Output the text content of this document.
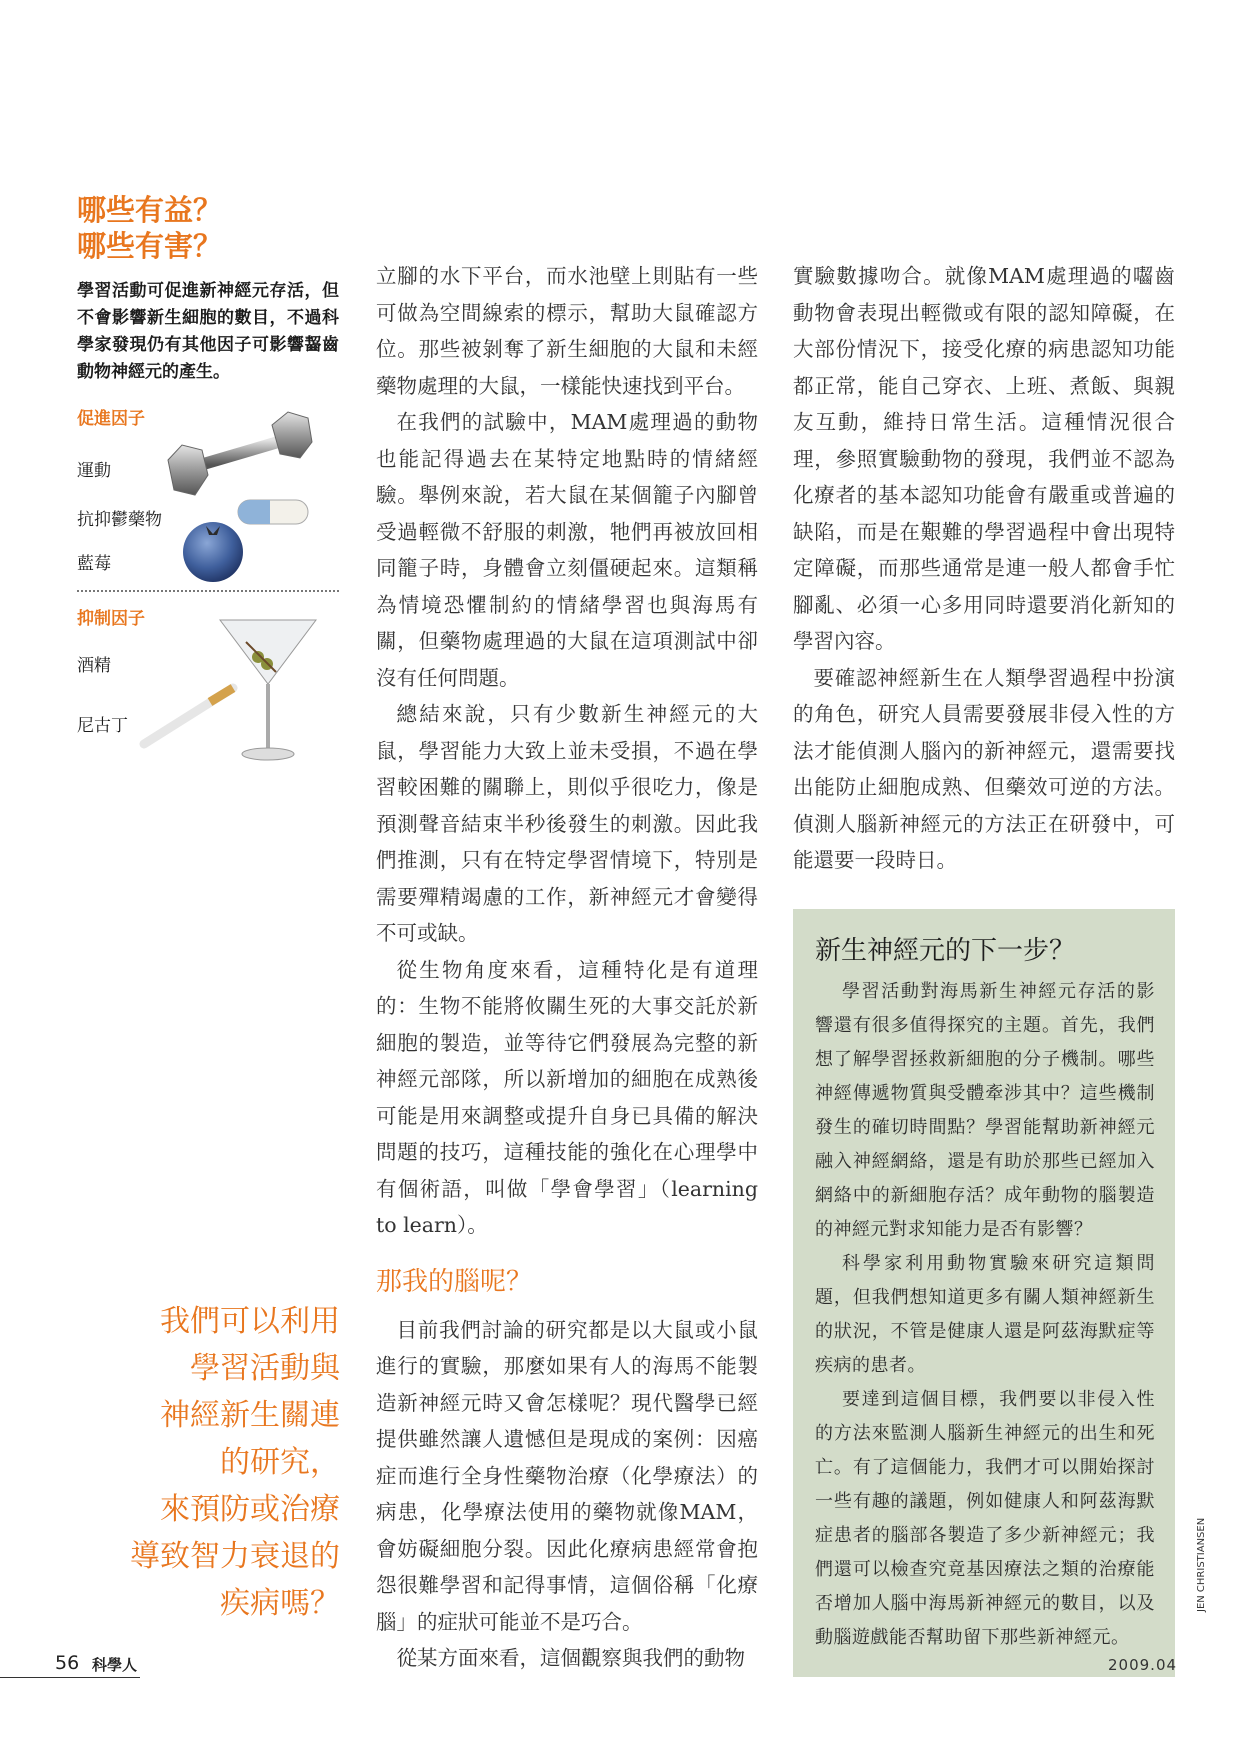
哪些有益？
哪些有害？
學習活動可促進新神經元存活，但不會影響新生細胞的數目，不過科學家發現仍有其他因子可影響齧齒動物神經元的產生。
促進因子
運動
抗抑鬱藥物
藍莓
抑制因子
酒精
尼古丁

立腳的水下平台，而水池壁上則貼有一些可做為空間線索的標示，幫助大鼠確認方位。那些被剝奪了新生細胞的大鼠和未經藥物處理的大鼠，一樣能快速找到平台。

在我們的試驗中，MAM處理過的動物也能記得過去在某特定地點時的情緒經驗。舉例來說，若大鼠在某個籠子內腳曾受過輕微不舒服的刺激，牠們再被放回相同籠子時，身體會立刻僵硬起來。這類稱為情境恐懼制約的情緒學習也與海馬有關，但藥物處理過的大鼠在這項測試中卻沒有任何問題。

總結來說，只有少數新生神經元的大鼠，學習能力大致上並未受損，不過在學習較困難的關聯上，則似乎很吃力，像是預測聲音結束半秒後發生的刺激。因此我們推測，只有在特定學習情境下，特別是需要殫精竭慮的工作，新神經元才會變得不可或缺。

從生物角度來看，這種特化是有道理的：生物不能將攸關生死的大事交託於新細胞的製造，並等待它們發展為完整的新神經元部隊，所以新增加的細胞在成熟後可能是用來調整或提升自身已具備的解決問題的技巧，這種技能的強化在心理學中有個術語，叫做「學會學習」（learning to learn）。

那我的腦呢？

目前我們討論的研究都是以大鼠或小鼠進行的實驗，那麼如果有人的海馬不能製造新神經元時又會怎樣呢？現代醫學已經提供雖然讓人遺憾但是現成的案例：因癌症而進行全身性藥物治療（化學療法）的病患，化學療法使用的藥物就像MAM，會妨礙細胞分裂。因此化療病患經常會抱怨很難學習和記得事情，這個俗稱「化療腦」的症狀可能並不是巧合。

從某方面來看，這個觀察與我們的動物

實驗數據吻合。就像MAM處理過的囓齒動物會表現出輕微或有限的認知障礙，在大部份情況下，接受化療的病患認知功能都正常，能自己穿衣、上班、煮飯、與親友互動，維持日常生活。這種情況很合理，參照實驗動物的發現，我們並不認為化療者的基本認知功能會有嚴重或普遍的缺陷，而是在艱難的學習過程中會出現特定障礙，而那些通常是連一般人都會手忙腳亂、必須一心多用同時還要消化新知的學習內容。

要確認神經新生在人類學習過程中扮演的角色，研究人員需要發展非侵入性的方法才能偵測人腦內的新神經元，還需要找出能防止細胞成熟、但藥效可逆的方法。偵測人腦新神經元的方法正在研發中，可能還要一段時日。

新生神經元的下一步？

學習活動對海馬新生神經元存活的影響還有很多值得探究的主題。首先，我們想了解學習拯救新細胞的分子機制。哪些神經傳遞物質與受體牽涉其中？這些機制發生的確切時間點？學習能幫助新神經元融入神經網絡，還是有助於那些已經加入網絡中的新細胞存活？成年動物的腦製造的神經元對求知能力是否有影響？

科學家利用動物實驗來研究這類問題，但我們想知道更多有關人類神經新生的狀況，不管是健康人還是阿茲海默症等疾病的患者。

要達到這個目標，我們要以非侵入性的方法來監測人腦新生神經元的出生和死亡。有了這個能力，我們才可以開始探討一些有趣的議題，例如健康人和阿茲海默症患者的腦部各製造了多少新神經元；我們還可以檢查究竟基因療法之類的治療能否增加人腦中海馬新神經元的數目，以及動腦遊戲能否幫助留下那些新神經元。

我們可以利用
學習活動與
神經新生關連
的研究，
來預防或治療
導致智力衰退的
疾病嗎？	JEN CHRISTIANSEN
56 科學人	2009.04
